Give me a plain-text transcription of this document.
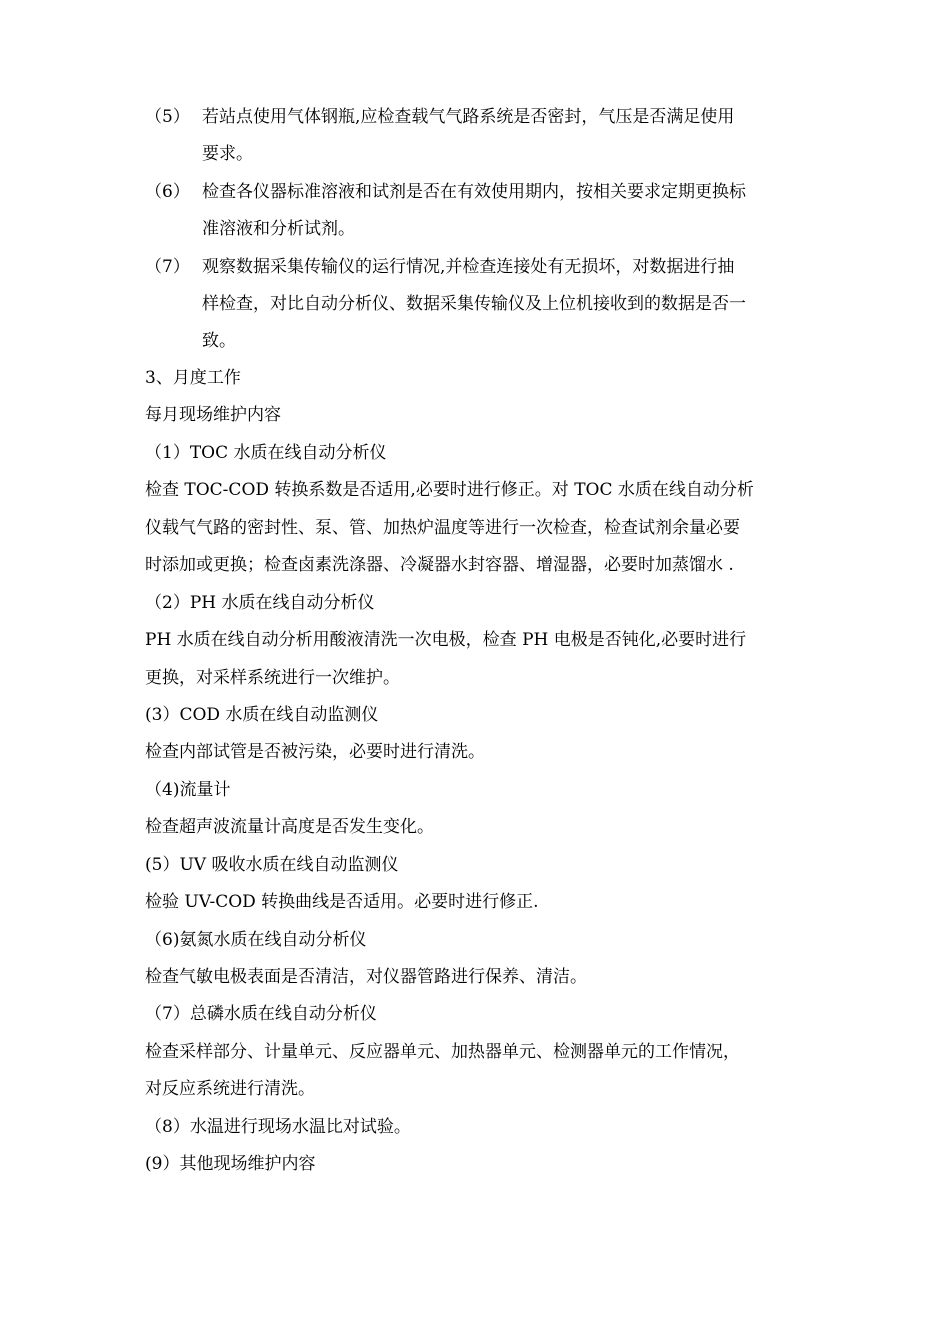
（5） 若站点使用气体钢瓶,应检查载气气路系统是否密封，气压是否满足使用
要求。
（6） 检查各仪器标准溶液和试剂是否在有效使用期内，按相关要求定期更换标
准溶液和分析试剂。
（7） 观察数据采集传输仪的运行情况,并检查连接处有无损坏，对数据进行抽
样检查，对比自动分析仪、数据采集传输仪及上位机接收到的数据是否一
致。
3、月度工作
每月现场维护内容
（1）TOC 水质在线自动分析仪
检查 TOC-COD 转换系数是否适用,必要时进行修正。对 TOC 水质在线自动分析
仪载气气路的密封性、泵、管、加热炉温度等进行一次检查，检查试剂余量必要
时添加或更换；检查卤素洗涤器、冷凝器水封容器、增湿器，必要时加蒸馏水 .
（2）PH 水质在线自动分析仪
PH 水质在线自动分析用酸液清洗一次电极，检查 PH 电极是否钝化,必要时进行
更换，对采样系统进行一次维护。
(3）COD 水质在线自动监测仪
检查内部试管是否被污染，必要时进行清洗。
（4)流量计
检查超声波流量计高度是否发生变化。
(5）UV 吸收水质在线自动监测仪
检验 UV-COD 转换曲线是否适用。必要时进行修正.
（6)氨氮水质在线自动分析仪
检查气敏电极表面是否清洁，对仪器管路进行保养、清洁。
（7）总磷水质在线自动分析仪
检查采样部分、计量单元、反应器单元、加热器单元、检测器单元的工作情况，
对反应系统进行清洗。
（8）水温进行现场水温比对试验。
(9）其他现场维护内容
